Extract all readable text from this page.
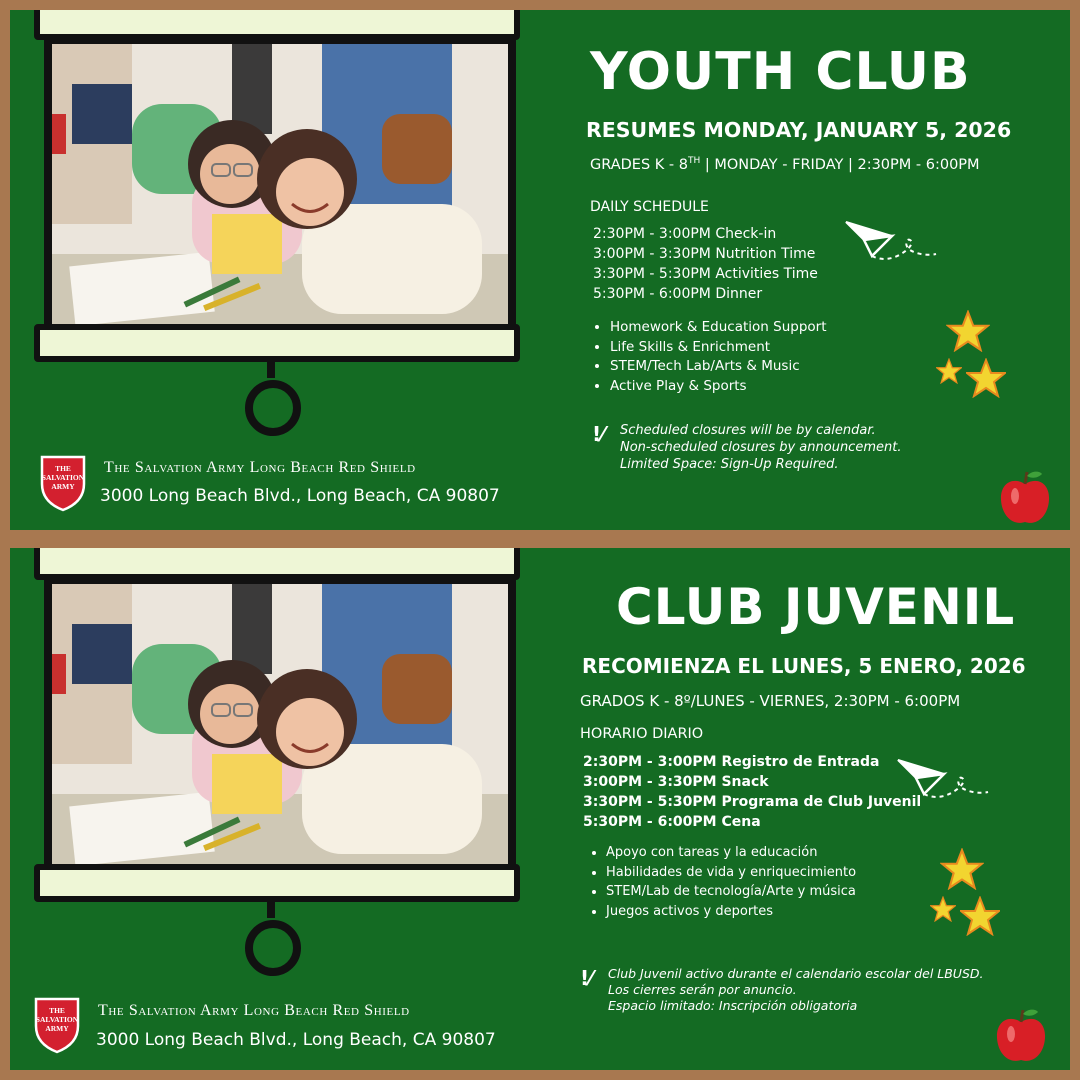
THE
SALVATION
ARMY
The Salvation Army Long Beach Red Shield
3000 Long Beach Blvd., Long Beach, CA 90807
YOUTH CLUB
RESUMES MONDAY, JANUARY 5, 2026
GRADES K - 8TH | MONDAY - FRIDAY | 2:30PM - 6:00PM
DAILY SCHEDULE
2:30PM - 3:00PM Check-in
3:00PM - 3:30PM Nutrition Time
3:30PM - 5:30PM Activities Time
5:30PM - 6:00PM Dinner
• Homework & Education Support
• Life Skills & Enrichment
• STEM/Tech Lab/Arts & Music
• Active Play & Sports
!⁄ Scheduled closures will be by calendar.
Non-scheduled closures by announcement.
Limited Space: Sign-Up Required.
THE
SALVATION
ARMY
The Salvation Army Long Beach Red Shield
3000 Long Beach Blvd., Long Beach, CA 90807
CLUB JUVENIL
RECOMIENZA EL LUNES, 5 ENERO, 2026
GRADOS K - 8º/LUNES - VIERNES, 2:30PM - 6:00PM
HORARIO DIARIO
2:30PM - 3:00PM Registro de Entrada
3:00PM - 3:30PM Snack
3:30PM - 5:30PM Programa de Club Juvenil
5:30PM - 6:00PM Cena
• Apoyo con tareas y la educación
• Habilidades de vida y enriquecimiento
• STEM/Lab de tecnología/Arte y música
• Juegos activos y deportes
!⁄ Club Juvenil activo durante el calendario escolar del LBUSD.
Los cierres serán por anuncio.
Espacio limitado: Inscripción obligatoria
